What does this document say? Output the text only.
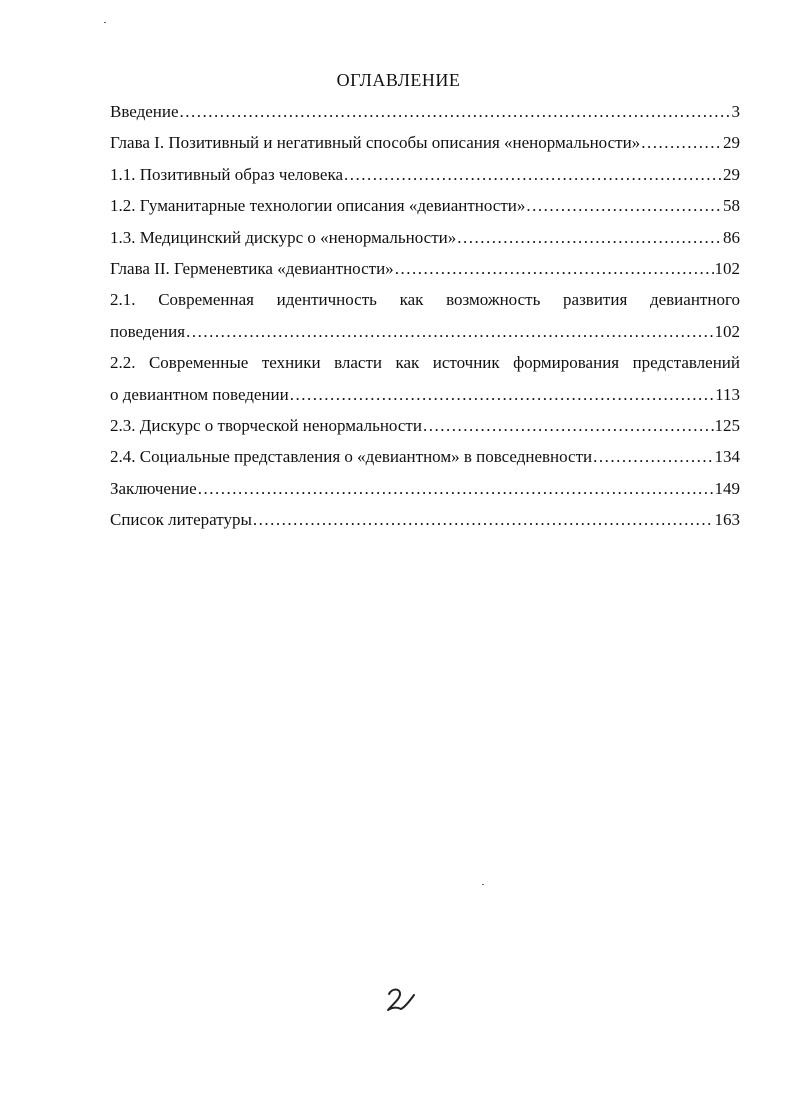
ОГЛАВЛЕНИЕ
Введение .....	3
Глава I. Позитивный и негативный способы описания «ненормальности» .....	29
1.1. Позитивный образ человека .....	29
1.2. Гуманитарные технологии описания «девиантности» .....	58
1.3. Медицинский дискурс о «ненормальности» .....	86
Глава II. Герменевтика «девиантности» .....	102
2.1. Современная идентичность как возможность развития девиантного
поведения .....	102
2.2. Современные техники власти как источник формирования представлений
о девиантном поведении .....	113
2.3. Дискурс о творческой ненормальности .....	125
2.4. Социальные представления о «девиантном» в повседневности .....	134
Заключение .....	149
Список литературы .....	163
